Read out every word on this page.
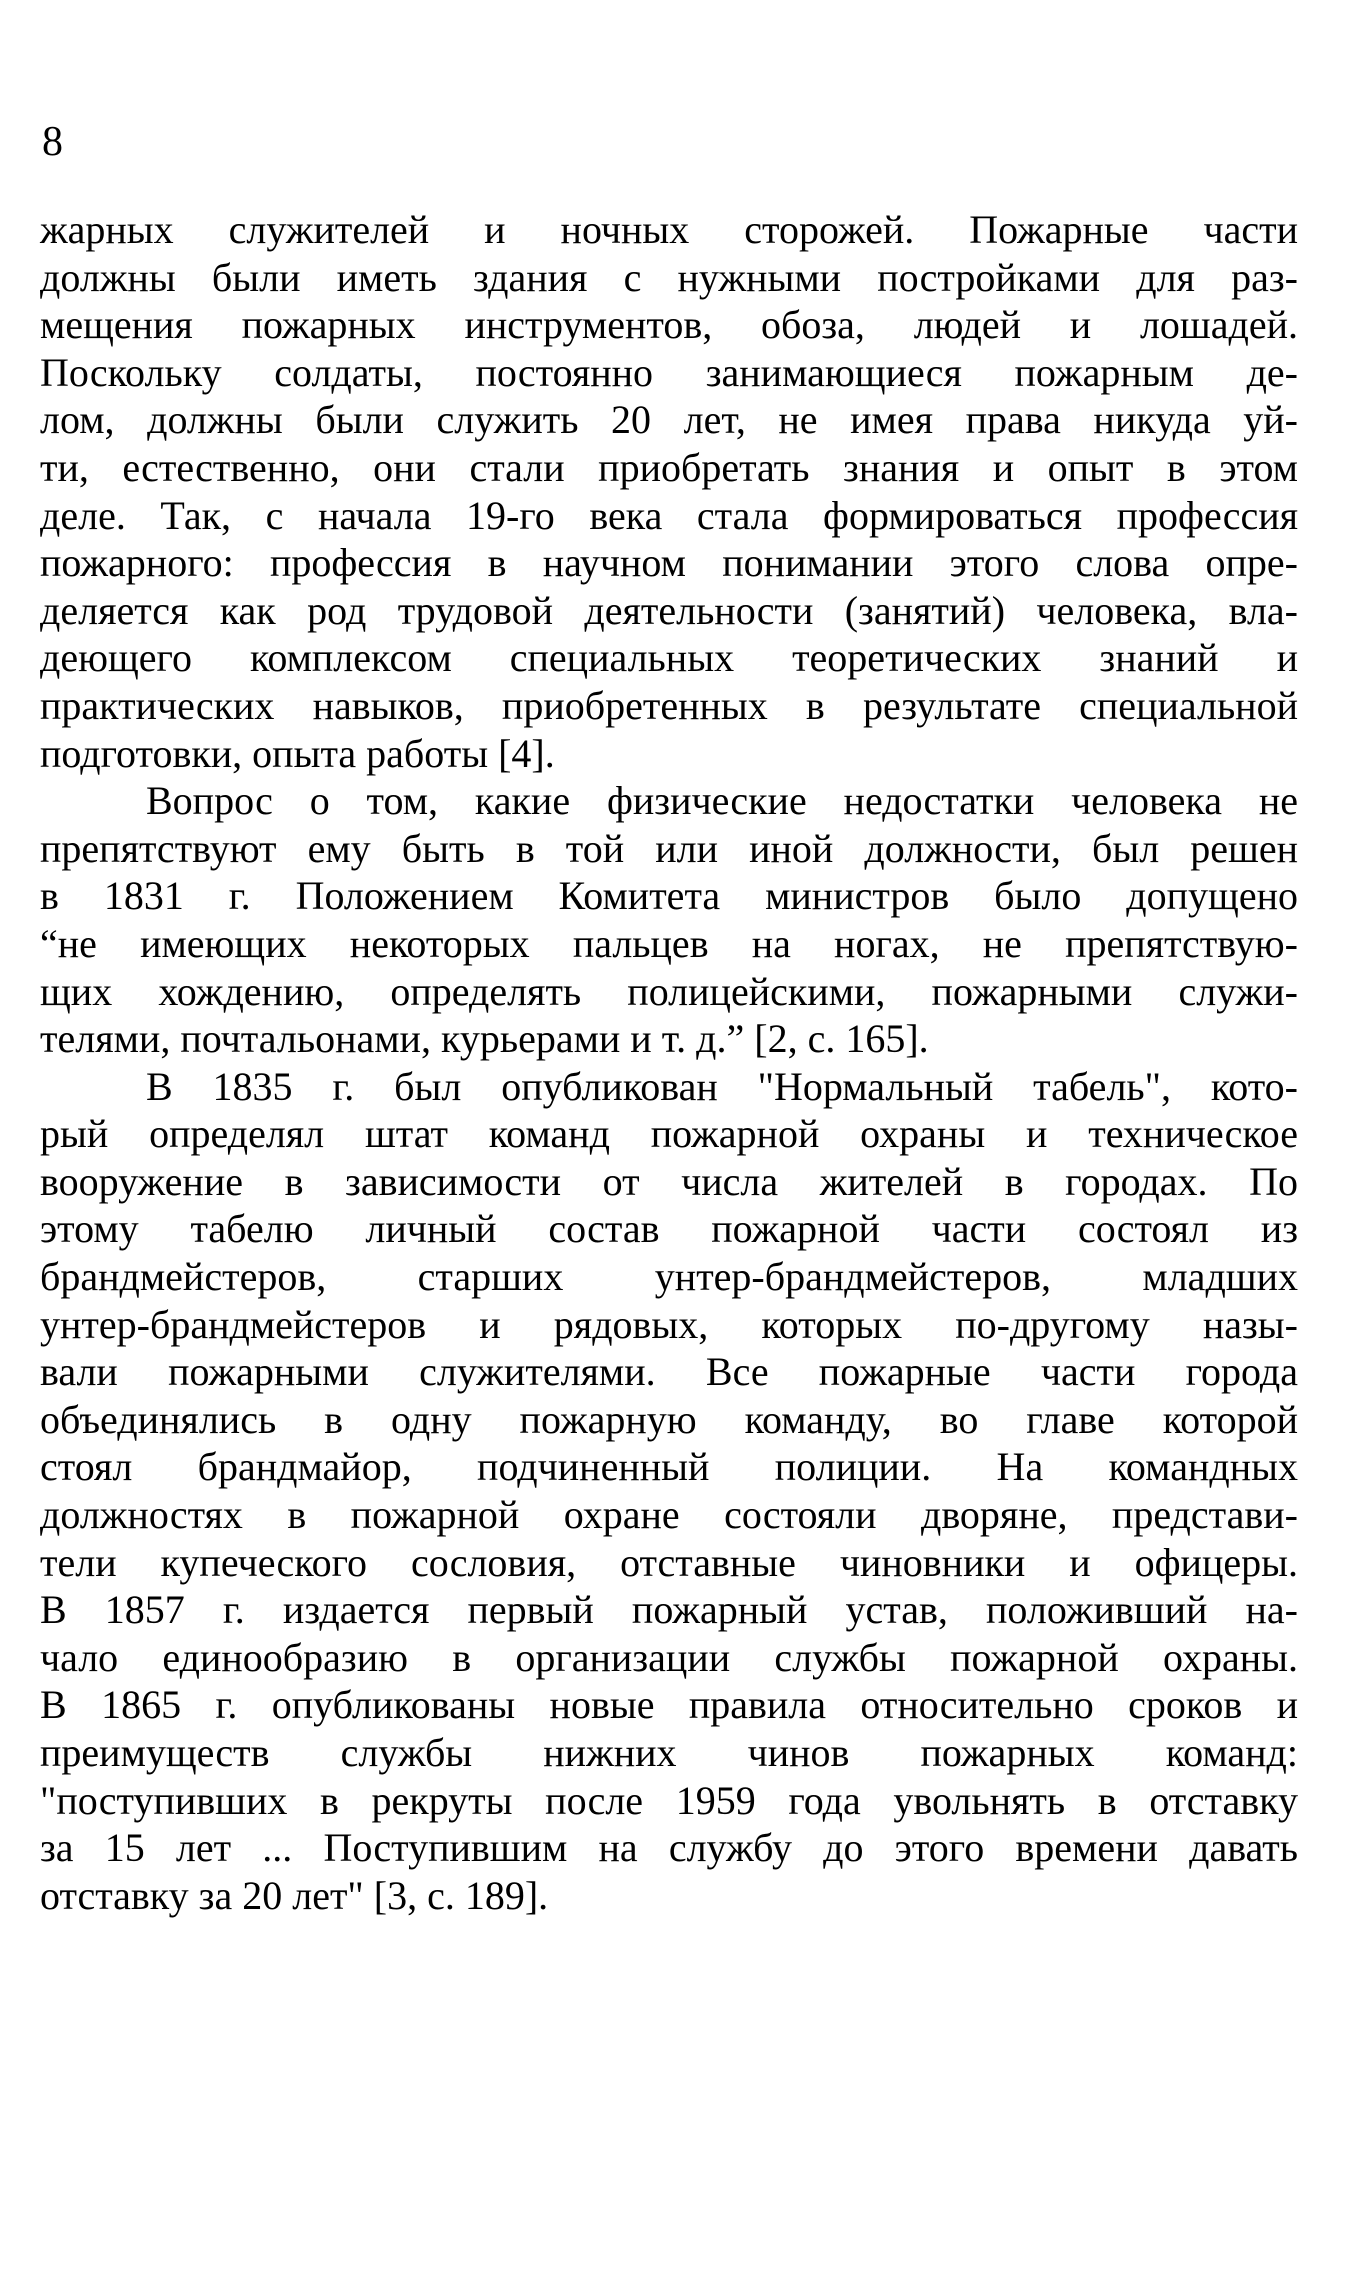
8
жарных служителей и ночных сторожей. Пожарные части
должны были иметь здания с нужными постройками для раз-
мещения пожарных инструментов, обоза, людей и лошадей.
Поскольку солдаты, постоянно занимающиеся пожарным де-
лом, должны были служить 20 лет, не имея права никуда уй-
ти, естественно, они стали приобретать знания и опыт в этом
деле. Так, с начала 19-го века стала формироваться профессия
пожарного: профессия в научном понимании этого слова опре-
деляется как род трудовой деятельности (занятий) человека, вла-
деющего комплексом специальных теоретических знаний и
практических навыков, приобретенных в результате специальной
подготовки, опыта работы [4].
Вопрос о том, какие физические недостатки человека не
препятствуют ему быть в той или иной должности, был решен
в 1831 г. Положением Комитета министров было допущено
“не имеющих некоторых пальцев на ногах, не препятствую-
щих хождению, определять полицейскими, пожарными служи-
телями, почтальонами, курьерами и т. д.” [2, с. 165].
В 1835 г. был опубликован "Нормальный табель", кото-
рый определял штат команд пожарной охраны и техническое
вооружение в зависимости от числа жителей в городах. По
этому табелю личный состав пожарной части состоял из
брандмейстеров, старших унтер-брандмейстеров, младших
унтер-брандмейстеров и рядовых, которых по-другому назы-
вали пожарными служителями. Все пожарные части города
объединялись в одну пожарную команду, во главе которой
стоял брандмайор, подчиненный полиции. На командных
должностях в пожарной охране состояли дворяне, представи-
тели купеческого сословия, отставные чиновники и офицеры.
В 1857 г. издается первый пожарный устав, положивший на-
чало единообразию в организации службы пожарной охраны.
В 1865 г. опубликованы новые правила относительно сроков и
преимуществ службы нижних чинов пожарных команд:
"поступивших в рекруты после 1959 года увольнять в отставку
за 15 лет ... Поступившим на службу до этого времени давать
отставку за 20 лет" [3, с. 189].
